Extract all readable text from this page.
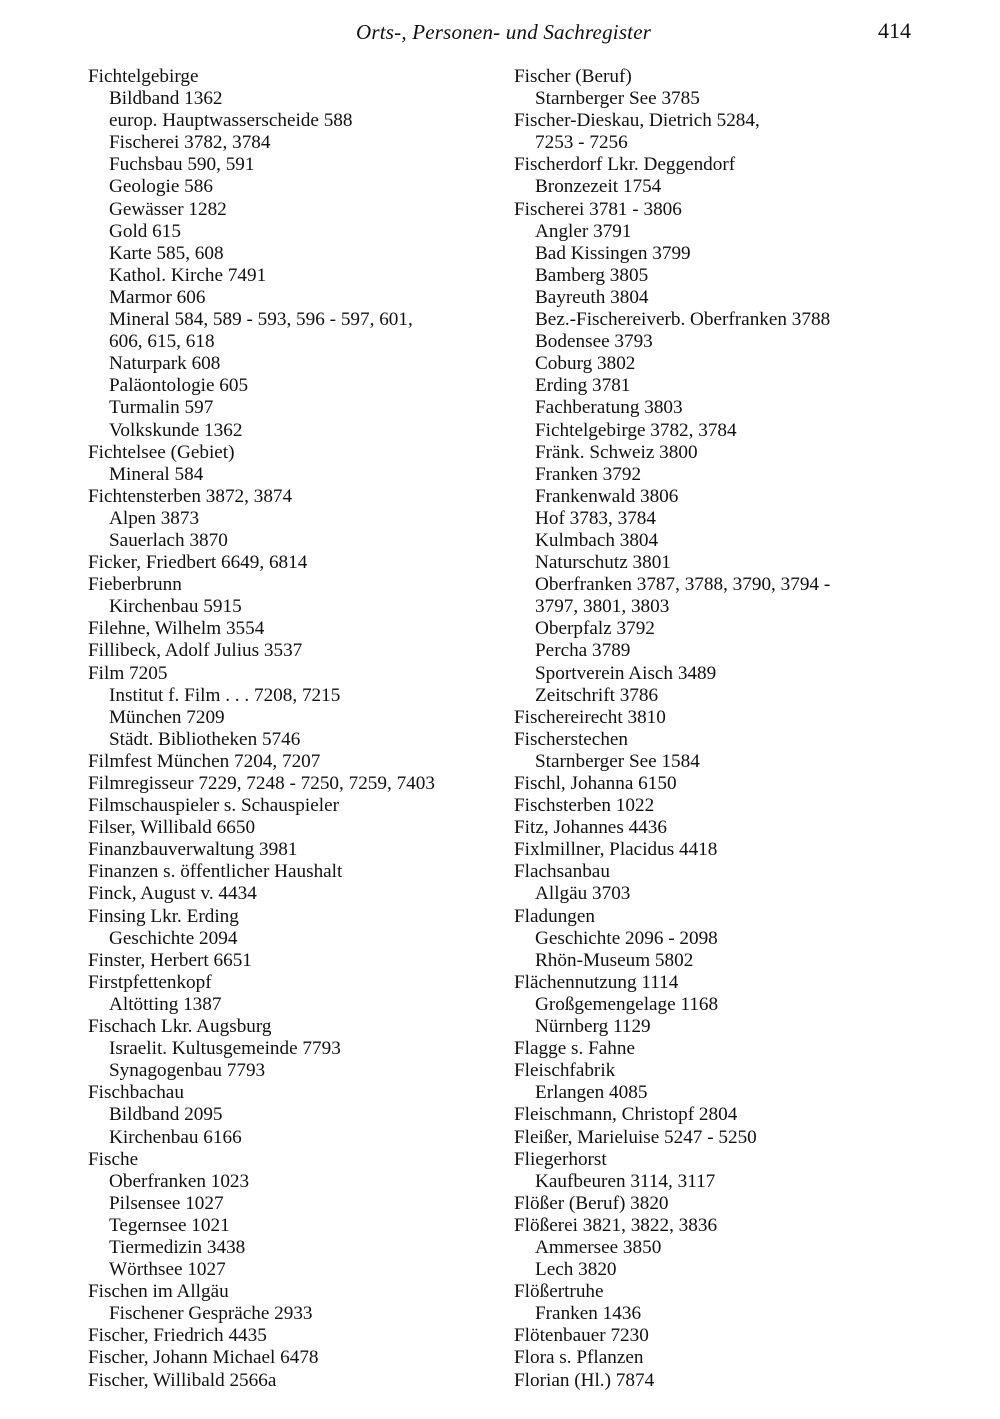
Orts-, Personen- und Sachregister	414
Fichtelgebirge
Bildband 1362
europ. Hauptwasserscheide 588
Fischerei 3782, 3784
Fuchsbau 590, 591
Geologie 586
Gewässer 1282
Gold 615
Karte 585, 608
Kathol. Kirche 7491
Marmor 606
Mineral 584, 589 - 593, 596 - 597, 601,
606, 615, 618
Naturpark 608
Paläontologie 605
Turmalin 597
Volkskunde 1362
Fichtelsee (Gebiet)
Mineral 584
Fichtensterben 3872, 3874
Alpen 3873
Sauerlach 3870
Ficker, Friedbert 6649, 6814
Fieberbrunn
Kirchenbau 5915
Filehne, Wilhelm 3554
Fillibeck, Adolf Julius 3537
Film 7205
Institut f. Film . . . 7208, 7215
München 7209
Städt. Bibliotheken 5746
Filmfest München 7204, 7207
Filmregisseur 7229, 7248 - 7250, 7259, 7403
Filmschauspieler s. Schauspieler
Filser, Willibald 6650
Finanzbauverwaltung 3981
Finanzen s. öffentlicher Haushalt
Finck, August v. 4434
Finsing Lkr. Erding
Geschichte 2094
Finster, Herbert 6651
Firstpfettenkopf
Altötting 1387
Fischach Lkr. Augsburg
Israelit. Kultusgemeinde 7793
Synagogenbau 7793
Fischbachau
Bildband 2095
Kirchenbau 6166
Fische
Oberfranken 1023
Pilsensee 1027
Tegernsee 1021
Tiermedizin 3438
Wörthsee 1027
Fischen im Allgäu
Fischener Gespräche 2933
Fischer, Friedrich 4435
Fischer, Johann Michael 6478
Fischer, Willibald 2566a
Fischer (Beruf)
Starnberger See 3785
Fischer-Dieskau, Dietrich 5284,
7253 - 7256
Fischerdorf Lkr. Deggendorf
Bronzezeit 1754
Fischerei 3781 - 3806
Angler 3791
Bad Kissingen 3799
Bamberg 3805
Bayreuth 3804
Bez.-Fischereiverb. Oberfranken 3788
Bodensee 3793
Coburg 3802
Erding 3781
Fachberatung 3803
Fichtelgebirge 3782, 3784
Fränk. Schweiz 3800
Franken 3792
Frankenwald 3806
Hof 3783, 3784
Kulmbach 3804
Naturschutz 3801
Oberfranken 3787, 3788, 3790, 3794 -
3797, 3801, 3803
Oberpfalz 3792
Percha 3789
Sportverein Aisch 3489
Zeitschrift 3786
Fischereirecht 3810
Fischerstechen
Starnberger See 1584
Fischl, Johanna 6150
Fischsterben 1022
Fitz, Johannes 4436
Fixlmillner, Placidus 4418
Flachsanbau
Allgäu 3703
Fladungen
Geschichte 2096 - 2098
Rhön-Museum 5802
Flächennutzung 1114
Großgemengelage 1168
Nürnberg 1129
Flagge s. Fahne
Fleischfabrik
Erlangen 4085
Fleischmann, Christopf 2804
Fleißer, Marieluise 5247 - 5250
Fliegerhorst
Kaufbeuren 3114, 3117
Flößer (Beruf) 3820
Flößerei 3821, 3822, 3836
Ammersee 3850
Lech 3820
Flößertruhe
Franken 1436
Flötenbauer 7230
Flora s. Pflanzen
Florian (Hl.) 7874
